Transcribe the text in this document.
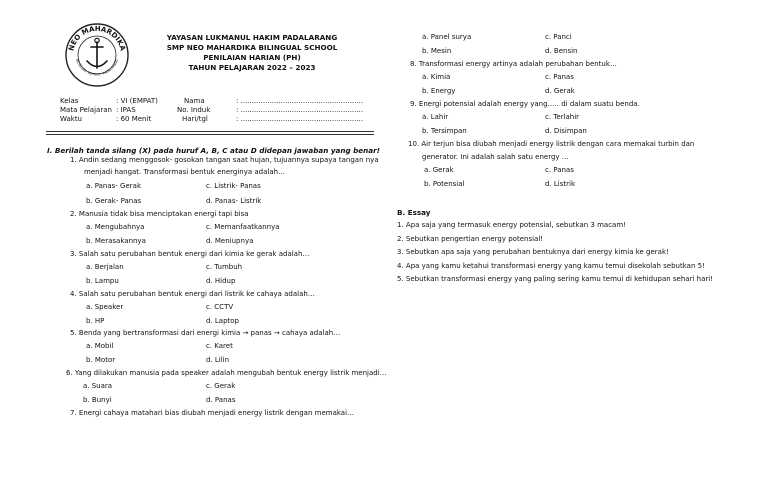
NEO MAHARDIKA
BILINGUAL SCHOOL · PADALARANG
YAYASAN LUKMANUL HAKIM PADALARANG
SMP NEO MAHARDIKA BILINGUAL SCHOOL
PENILAIAN HARIAN (PH)
TAHUN PELAJARAN 2022 – 2023
Kelas	: VI (EMPAT)
Mata Pelajaran : IPAS
Waktu	: 60 Menit
Nama	: .......................................................
No. Induk	: .......................................................
Hari/tgl	: .......................................................
I. Berilah tanda silang (X) pada huruf A, B, C atau D didepan jawaban yang benar!
1. Andin sedang menggosok- gosokan tangan saat hujan, tujuannya supaya tangan nya
menjadi hangat. Transformasi bentuk energinya adalah…
a. Panas- Gerak	c. Listrik- Panas
b. Gerak- Panas	d. Panas- Listrik
2. Manusia tidak bisa menciptakan energi tapi bisa
a. Mengubahnya	c. Memanfaatkannya
b. Merasakannya	d. Meniupnya
3. Salah satu perubahan bentuk energi dari kimia ke gerak adalah…
a. Berjalan	c. Tumbuh
b. Lampu	d. Hidup
4. Salah satu perubahan bentuk energi dari listrik ke cahaya adalah…
a. Speaker	c. CCTV
b. HP	d. Laptop
5. Benda yang bertransformasi dari energi kimia → panas → cahaya adalah…
a. Mobil	c. Karet
b. Motor	d. Lilin
6. Yang dilakukan manusia pada speaker adalah mengubah bentuk energy listrik menjadi…
a. Suara	c. Gerak
b. Bunyi	d. Panas
7. Energi cahaya matahari bias diubah menjadi energy listrik dengan memakai…
a. Panel surya	c. Panci
b. Mesin	d. Bensin
8. Transformasi energy artinya adalah perubahan bentuk…
a. Kimia	c. Panas
b. Energy	d. Gerak
9. Energi potensial adalah energy yang….. di dalam suatu benda.
a. Lahir	c. Terlahir
b. Tersimpan	d. Disimpan
10. Air terjun bisa diubah menjadi energy listrik dengan cara memakai turbin dan
generator. Ini adalah salah satu energy …
a. Gerak	c. Panas
b. Potensial	d. Listrik
B. Essay
1. Apa saja yang termasuk energy potensial, sebutkan 3 macam!
2. Sebutkan pengertian energy potensial!
3. Sebutkan apa saja yang perubahan bentuknya dari energy kimia ke gerak!
4. Apa yang kamu ketahui transformasi energy yang kamu temui disekolah sebutkan 5!
5. Sebutkan transformasi energy yang paling sering kamu temui di kehidupan sehari hari!
